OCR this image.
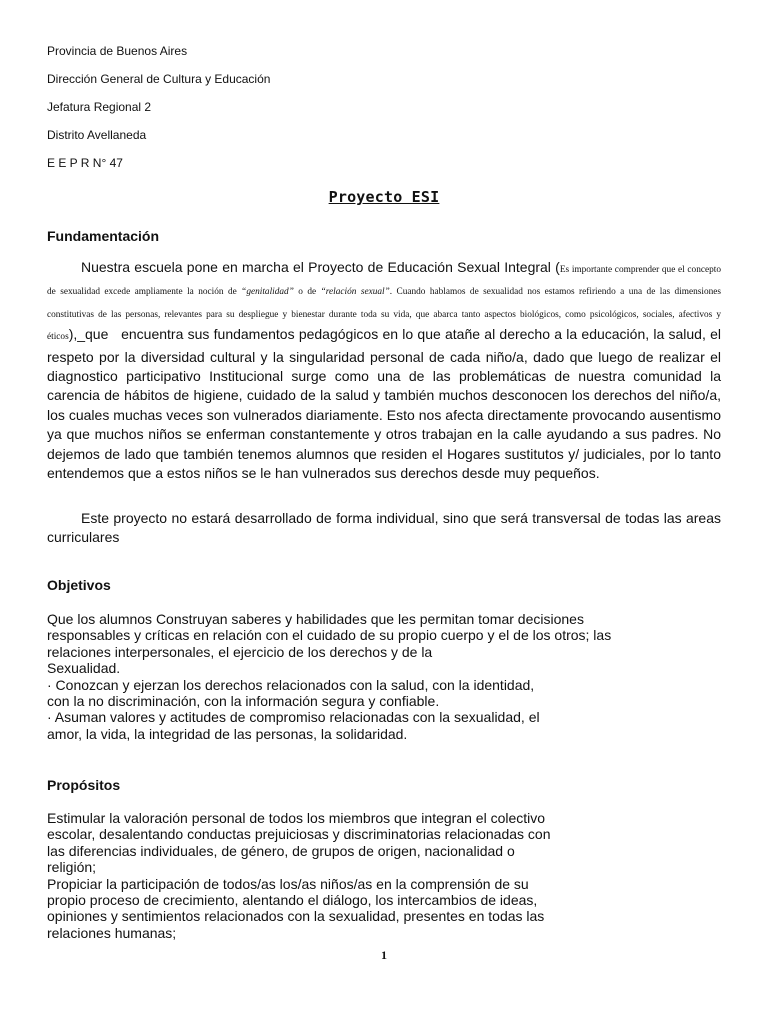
Provincia de Buenos Aires
Dirección General de Cultura y Educación
Jefatura Regional 2
Distrito Avellaneda
E E P R N° 47
Proyecto ESI
Fundamentación
Nuestra escuela pone en marcha el Proyecto de Educación Sexual Integral (Es importante comprender que el concepto de sexualidad excede ampliamente la noción de “genitalidad” o de “relación sexual”. Cuando hablamos de sexualidad nos estamos refiriendo a una de las dimensiones constitutivas de las personas, relevantes para su despliegue y bienestar durante toda su vida, que abarca tanto aspectos biológicos, como psicológicos, sociales, afectivos y éticos),_que encuentra sus fundamentos pedagógicos en lo que atañe al derecho a la educación, la salud, el respeto por la diversidad cultural y la singularidad personal de cada niño/a, dado que luego de realizar el diagnostico participativo Institucional surge como una de las problemáticas de nuestra comunidad la carencia de hábitos de higiene, cuidado de la salud y también muchos desconocen los derechos del niño/a, los cuales muchas veces son vulnerados diariamente. Esto nos afecta directamente provocando ausentismo ya que muchos niños se enferman constantemente y otros trabajan en la calle ayudando a sus padres. No dejemos de lado que también tenemos alumnos que residen el Hogares sustitutos y/ judiciales, por lo tanto entendemos que a estos niños se le han vulnerados sus derechos desde muy pequeños.
Este proyecto no estará desarrollado de forma individual, sino que será transversal de todas las areas curriculares
Objetivos
Que los alumnos Construyan saberes y habilidades que les permitan tomar decisiones
responsables y críticas en relación con el cuidado de su propio cuerpo y el de los otros; las
relaciones interpersonales, el ejercicio de los derechos y de la
Sexualidad.
· Conozcan y ejerzan los derechos relacionados con la salud, con la identidad,
con la no discriminación, con la información segura y confiable.
· Asuman valores y actitudes de compromiso relacionadas con la sexualidad, el
amor, la vida, la integridad de las personas, la solidaridad.
Propósitos
Estimular la valoración personal de todos los miembros que integran el colectivo
escolar, desalentando conductas prejuiciosas y discriminatorias relacionadas con
las diferencias individuales, de género, de grupos de origen, nacionalidad o
religión;
Propiciar la participación de todos/as los/as niños/as en la comprensión de su
propio proceso de crecimiento, alentando el diálogo, los intercambios de ideas,
opiniones y sentimientos relacionados con la sexualidad, presentes en todas las
relaciones humanas;
1
